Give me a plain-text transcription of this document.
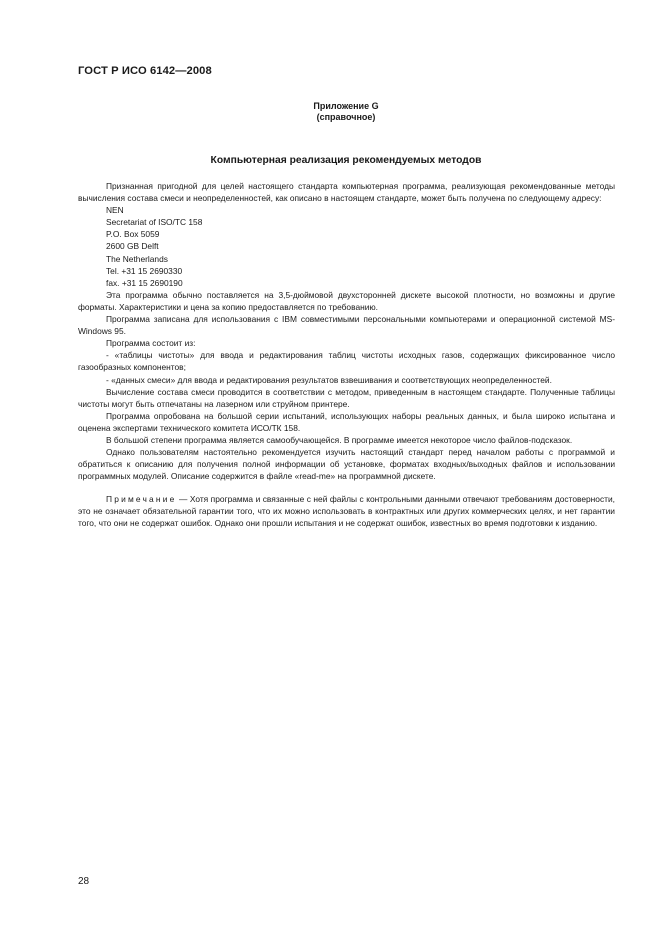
ГОСТ Р ИСО 6142—2008
Приложение G
(справочное)
Компьютерная реализация рекомендуемых методов

Признанная пригодной для целей настоящего стандарта компьютерная программа, реализующая рекомендованные методы вычисления состава смеси и неопределенностей, как описано в настоящем стандарте, может быть получена по следующему адресу:

NEN
Secretariat of ISO/TC 158
P.O. Box 5059
2600 GB Delft
The Netherlands
Tel. +31 15 2690330
fax. +31 15 2690190

Эта программа обычно поставляется на 3,5-дюймовой двухсторонней дискете высокой плотности, но возможны и другие форматы. Характеристики и цена за копию предоставляется по требованию.

Программа записана для использования с IBM совместимыми персональными компьютерами и операционной системой MS-Windows 95.

Программа состоит из:

- «таблицы чистоты» для ввода и редактирования таблиц чистоты исходных газов, содержащих фиксированное число газообразных компонентов;

- «данных смеси» для ввода и редактирования результатов взвешивания и соответствующих неопределенностей.

Вычисление состава смеси проводится в соответствии с методом, приведенным в настоящем стандарте. Полученные таблицы чистоты могут быть отпечатаны на лазерном или струйном принтере.

Программа опробована на большой серии испытаний, использующих наборы реальных данных, и была широко испытана и оценена экспертами технического комитета ИСО/ТК 158.

В большой степени программа является самообучающейся. В программе имеется некоторое число файлов-подсказок.

Однако пользователям настоятельно рекомендуется изучить настоящий стандарт перед началом работы с программой и обратиться к описанию для получения полной информации об установке, форматах входных/выходных файлов и использовании программных модулей. Описание содержится в файле «read-me» на программной дискете.

Примечание — Хотя программа и связанные с ней файлы с контрольными данными отвечают требованиям достоверности, это не означает обязательной гарантии того, что их можно использовать в контрактных или других коммерческих целях, и нет гарантии того, что они не содержат ошибок. Однако они прошли испытания и не содержат ошибок, известных во время подготовки к изданию.

28
